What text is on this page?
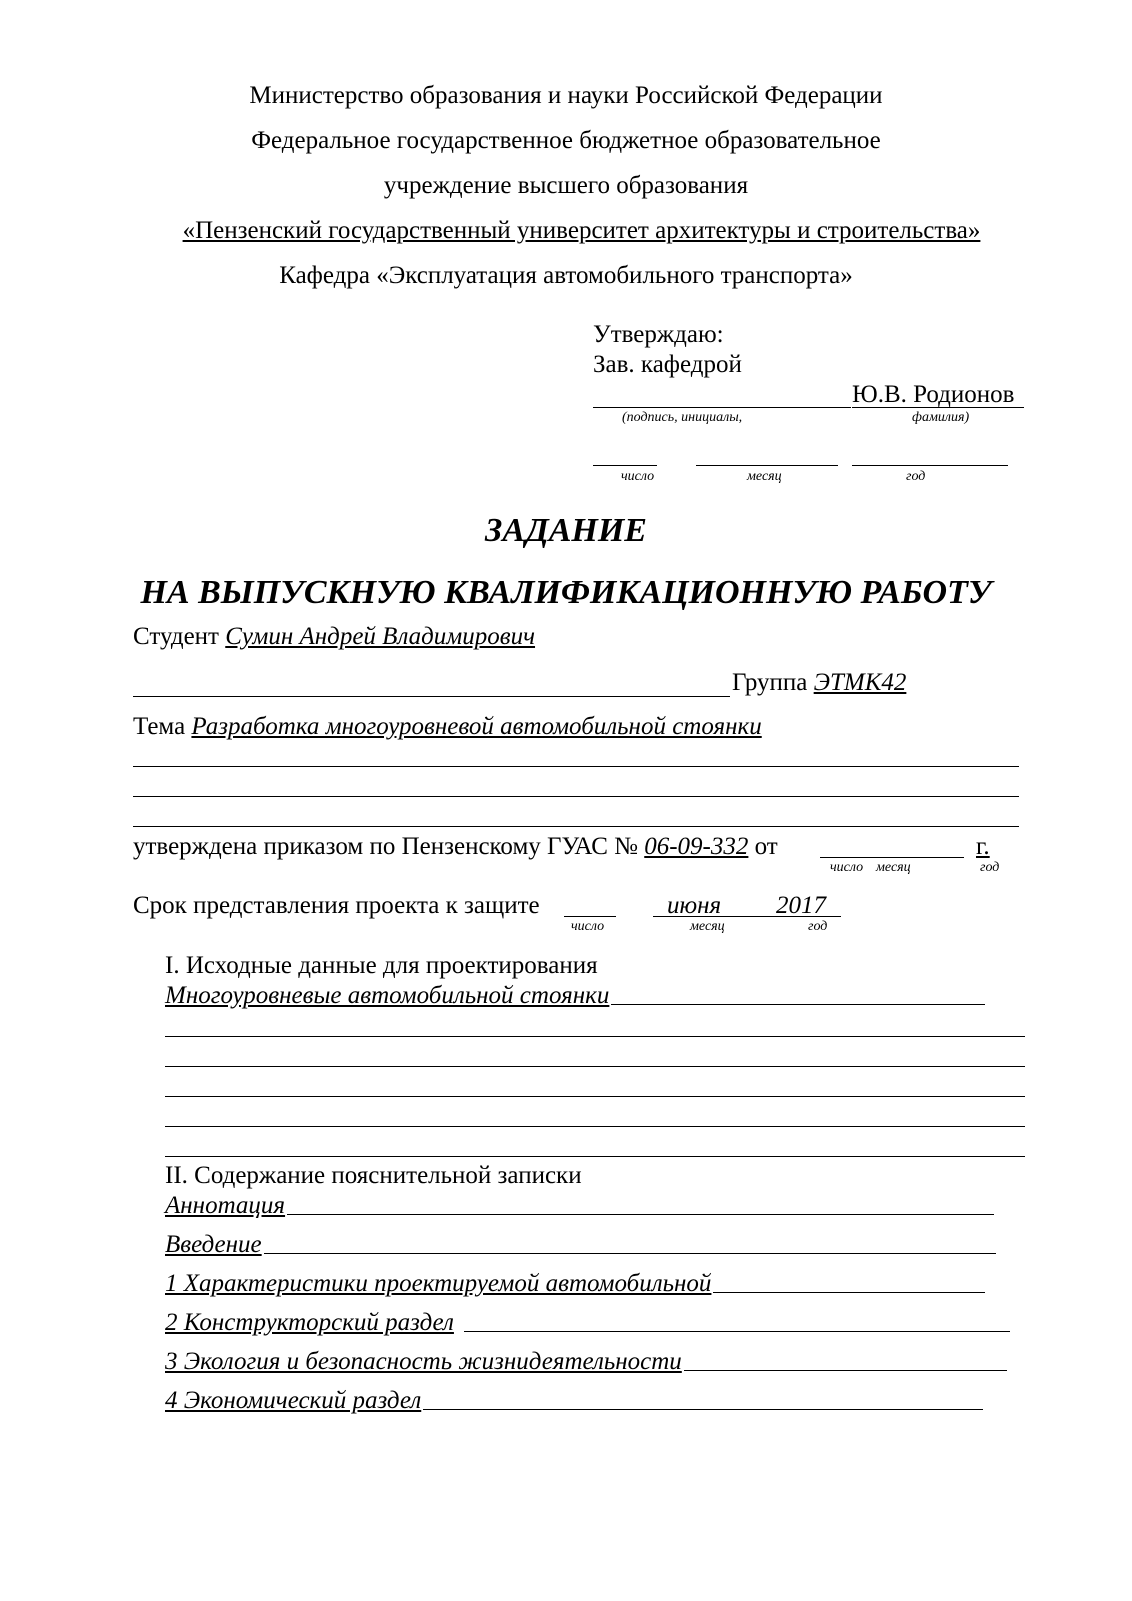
Министерство образования и науки Российской Федерации
Федеральное государственное бюджетное образовательное
учреждение высшего образования
«Пензенский государственный университет архитектуры и строительства»
Кафедра «Эксплуатация автомобильного транспорта»
Утверждаю:
Зав. кафедрой
Ю.В. Родионов
(подпись, инициалы,	фамилия)
число	месяц	год
ЗАДАНИЕ
НА ВЫПУСКНУЮ КВАЛИФИКАЦИОННУЮ РАБОТУ
Студент Сумин Андрей Владимирович
Группа ЭТМК42
Тема Разработка многоуровневой автомобильной стоянки
утверждена приказом по Пензенскому ГУАС № 06-09-332 от	г.
число месяц	год
Срок представления проекта к защите	июня 2017
число	месяц	год
I. Исходные данные для проектирования
Многоуровневые автомобильной стоянки
II. Содержание пояснительной записки
Аннотация
Введение
1 Характеристики проектируемой автомобильной
2 Конструкторский раздел
3 Экология и безопасность жизнидеятельности
4 Экономический раздел
